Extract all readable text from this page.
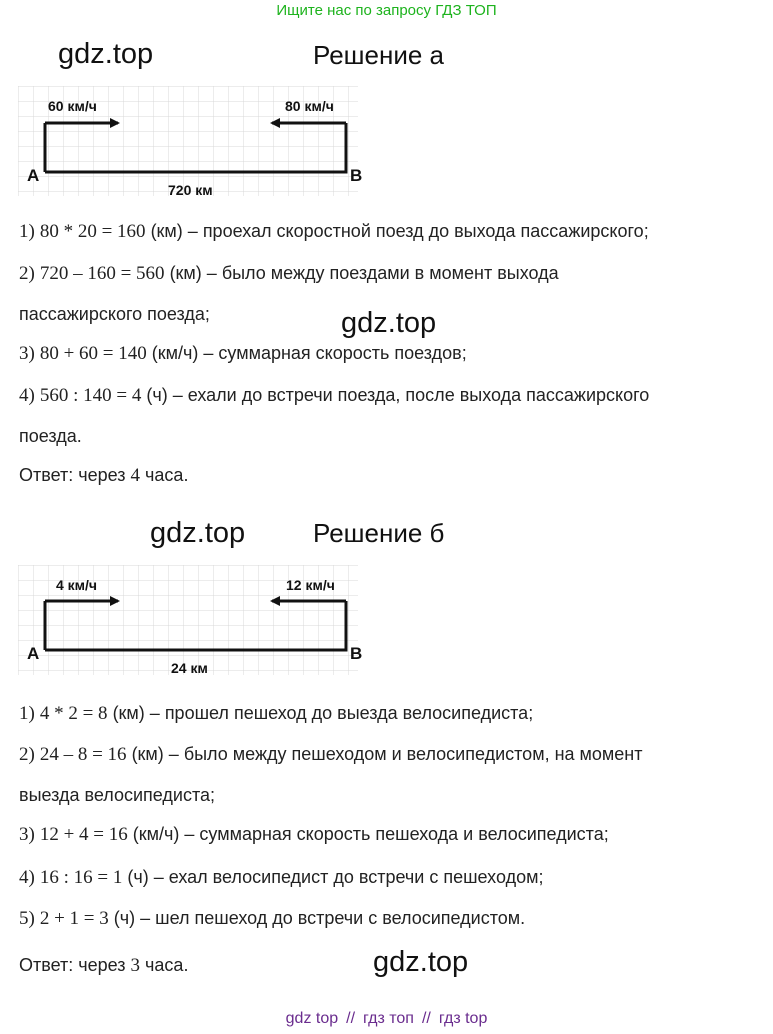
Ищите нас по запросу ГДЗ ТОП
gdz.top	Решение а
60 км/ч	80 км/ч
720 км
A	B
1) 80 * 20 = 160 (км) – проехал скоростной поезд до выхода пассажирского;
2) 720 – 160 = 560 (км) – было между поездами в момент выхода
пассажирского поезда;	gdz.top
3) 80 + 60 = 140 (км/ч) – суммарная скорость поездов;
4) 560 : 140 = 4 (ч) – ехали до встречи поезда, после выхода пассажирского
поезда.
Ответ: через 4 часа.
gdz.top	Решение б
4 км/ч	12 км/ч
24 км
A	B
1) 4 * 2 = 8 (км) – прошел пешеход до выезда велосипедиста;
2) 24 – 8 = 16 (км) – было между пешеходом и велосипедистом, на момент
выезда велосипедиста;
3) 12 + 4 = 16 (км/ч) – суммарная скорость пешехода и велосипедиста;
4) 16 : 16 = 1 (ч) – ехал велосипедист до встречи с пешеходом;
5) 2 + 1 = 3 (ч) – шел пешеход до встречи с велосипедистом.
Ответ: через 3 часа.	gdz.top
gdz top // гдз топ // гдз top
